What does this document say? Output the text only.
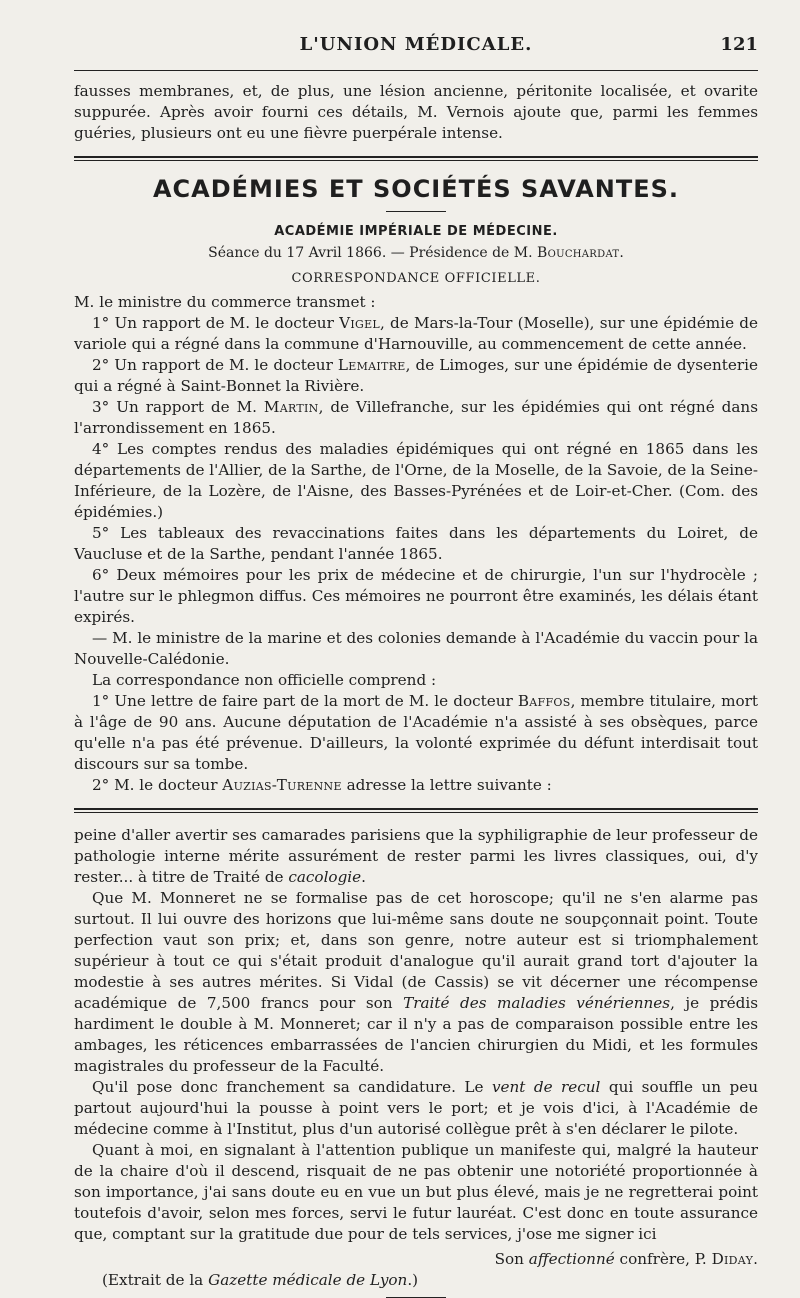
L'UNION MÉDICALE.	121

fausses membranes, et, de plus, une lésion ancienne, péritonite localisée, et ovarite suppurée. Après avoir fourni ces détails, M. Vernois ajoute que, parmi les femmes guéries, plusieurs ont eu une fièvre puerpérale intense.

ACADÉMIES ET SOCIÉTÉS SAVANTES.
ACADÉMIE IMPÉRIALE DE MÉDECINE.
Séance du 17 Avril 1866. — Présidence de M. Bouchardat.
CORRESPONDANCE OFFICIELLE.

M. le ministre du commerce transmet :

1° Un rapport de M. le docteur Vigel, de Mars-la-Tour (Moselle), sur une épidémie de variole qui a régné dans la commune d'Harnouville, au commencement de cette année.

2° Un rapport de M. le docteur Lemaitre, de Limoges, sur une épidémie de dysenterie qui a régné à Saint-Bonnet la Rivière.

3° Un rapport de M. Martin, de Villefranche, sur les épidémies qui ont régné dans l'arrondissement en 1865.

4° Les comptes rendus des maladies épidémiques qui ont régné en 1865 dans les départements de l'Allier, de la Sarthe, de l'Orne, de la Moselle, de la Savoie, de la Seine-Inférieure, de la Lozère, de l'Aisne, des Basses-Pyrénées et de Loir-et-Cher. (Com. des épidémies.)

5° Les tableaux des revaccinations faites dans les départements du Loiret, de Vaucluse et de la Sarthe, pendant l'année 1865.

6° Deux mémoires pour les prix de médecine et de chirurgie, l'un sur l'hydrocèle ; l'autre sur le phlegmon diffus. Ces mémoires ne pourront être examinés, les délais étant expirés.

— M. le ministre de la marine et des colonies demande à l'Académie du vaccin pour la Nouvelle-Calédonie.

La correspondance non officielle comprend :

1° Une lettre de faire part de la mort de M. le docteur Baffos, membre titulaire, mort à l'âge de 90 ans. Aucune députation de l'Académie n'a assisté à ses obsèques, parce qu'elle n'a pas été prévenue. D'ailleurs, la volonté exprimée du défunt interdisait tout discours sur sa tombe.

2° M. le docteur Auzias-Turenne adresse la lettre suivante :

peine d'aller avertir ses camarades parisiens que la syphiligraphie de leur professeur de pathologie interne mérite assurément de rester parmi les livres classiques, oui, d'y rester... à titre de Traité de cacologie.

Que M. Monneret ne se formalise pas de cet horoscope; qu'il ne s'en alarme pas surtout. Il lui ouvre des horizons que lui-même sans doute ne soupçonnait point. Toute perfection vaut son prix; et, dans son genre, notre auteur est si triomphalement supérieur à tout ce qui s'était produit d'analogue qu'il aurait grand tort d'ajouter la modestie à ses autres mérites. Si Vidal (de Cassis) se vit décerner une récompense académique de 7,500 francs pour son Traité des maladies vénériennes, je prédis hardiment le double à M. Monneret; car il n'y a pas de comparaison possible entre les ambages, les réticences embarrassées de l'ancien chirurgien du Midi, et les formules magistrales du professeur de la Faculté.

Qu'il pose donc franchement sa candidature. Le vent de recul qui souffle un peu partout aujourd'hui la pousse à point vers le port; et je vois d'ici, à l'Académie de médecine comme à l'Institut, plus d'un autorisé collègue prêt à s'en déclarer le pilote.

Quant à moi, en signalant à l'attention publique un manifeste qui, malgré la hauteur de la chaire d'où il descend, risquait de ne pas obtenir une notoriété proportionnée à son importance, j'ai sans doute eu en vue un but plus élevé, mais je ne regretterai point toutefois d'avoir, selon mes forces, servi le futur lauréat. C'est donc en toute assurance que, comptant sur la gratitude due pour de tels services, j'ose me signer ici

Son affectionné confrère, P. Diday.
(Extrait de la Gazette médicale de Lyon.)
